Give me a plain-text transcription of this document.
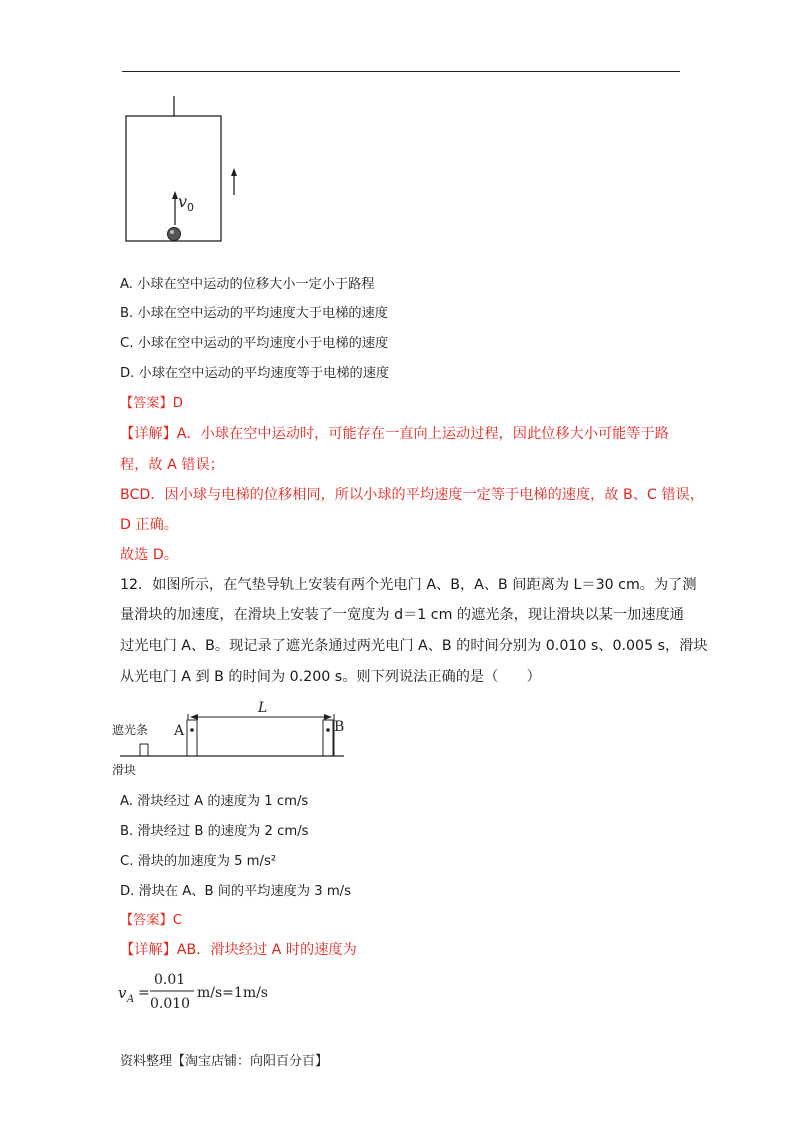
v 0
A. 小球在空中运动的位移大小一定小于路程
B. 小球在空中运动的平均速度大于电梯的速度
C. 小球在空中运动的平均速度小于电梯的速度
D. 小球在空中运动的平均速度等于电梯的速度
【答案】D
【详解】A．小球在空中运动时，可能存在一直向上运动过程，因此位移大小可能等于路
程，故 A 错误；
BCD．因小球与电梯的位移相同，所以小球的平均速度一定等于电梯的速度，故 B、C 错误，
D 正确。
故选 D。
12．如图所示，在气垫导轨上安装有两个光电门 A、B，A、B 间距离为 L＝30 cm。为了测
量滑块的加速度，在滑块上安装了一宽度为 d＝1 cm 的遮光条，现让滑块以某一加速度通
过光电门 A、B。现记录了遮光条通过两光电门 A、B 的时间分别为 0.010 s、0.005 s，滑块
从光电门 A 到 B 的时间为 0.200 s。则下列说法正确的是（　　）
L
A	B
遮光条
滑块
A. 滑块经过 A 的速度为 1 cm/s
B. 滑块经过 B 的速度为 2 cm/s
C. 滑块的加速度为 5 m/s²
D. 滑块在 A、B 间的平均速度为 3 m/s
【答案】C
【详解】AB．滑块经过 A 时的速度为
v A =
0.01
0.010
m/s=1m/s
资料整理【淘宝店铺：向阳百分百】
